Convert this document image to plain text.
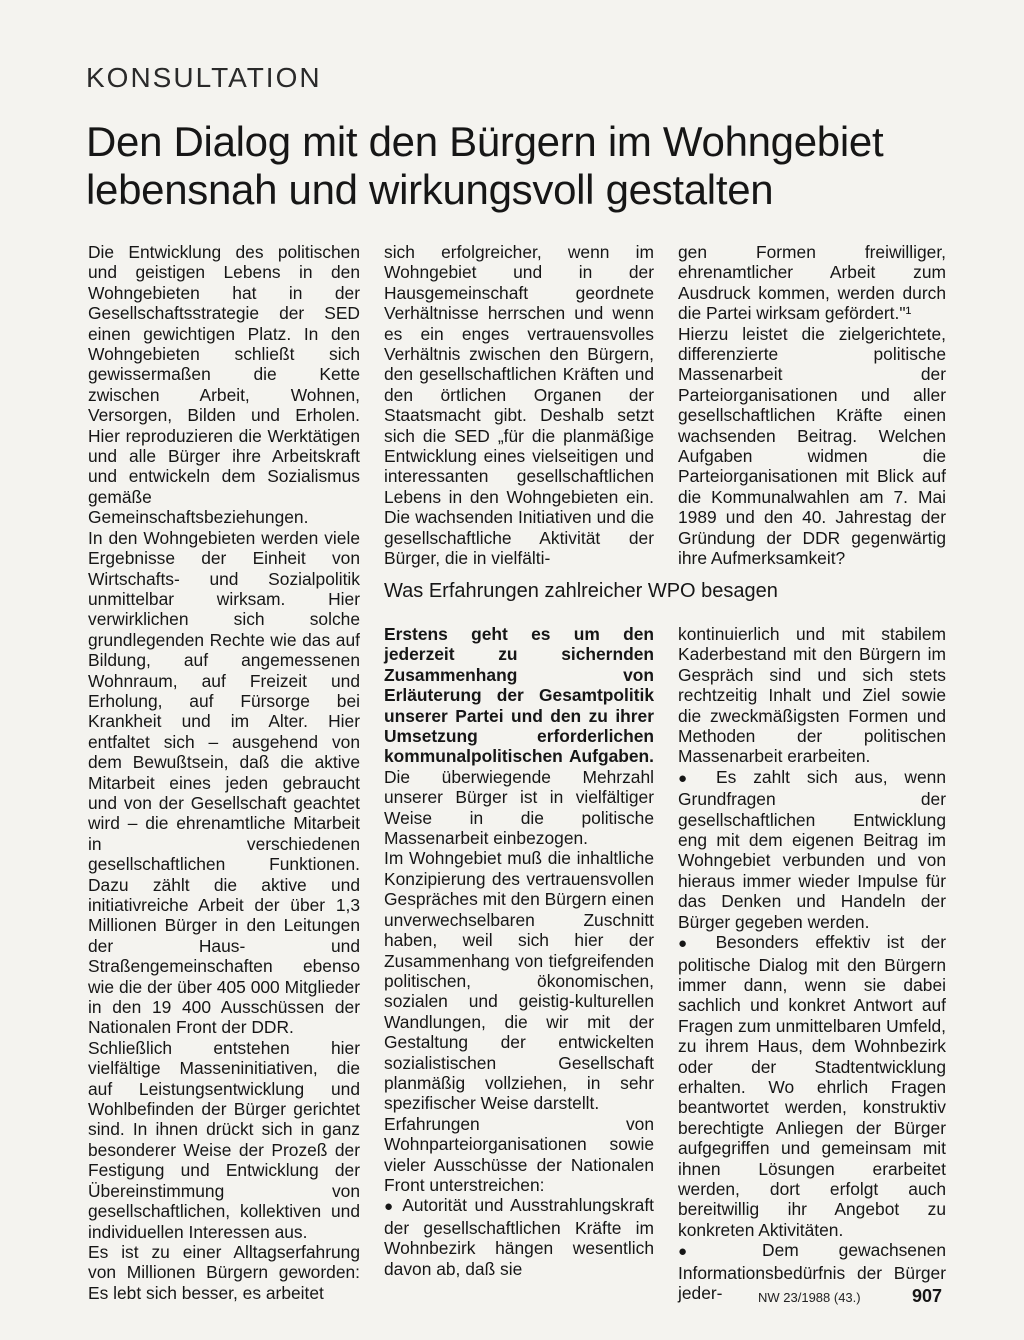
KONSULTATION
Den Dialog mit den Bürgern im Wohngebiet lebensnah und wirkungsvoll gestalten

Die Entwicklung des politischen und geistigen Lebens in den Wohngebieten hat in der Gesellschaftsstrategie der SED einen gewichtigen Platz. In den Wohngebieten schließt sich gewissermaßen die Kette zwischen Arbeit, Wohnen, Versorgen, Bilden und Erholen. Hier reproduzieren die Werktätigen und alle Bürger ihre Arbeitskraft und entwickeln dem Sozialismus gemäße Gemeinschaftsbeziehungen.

In den Wohngebieten werden viele Ergebnisse der Einheit von Wirtschafts- und Sozialpolitik unmittelbar wirksam. Hier verwirklichen sich solche grundlegenden Rechte wie das auf Bildung, auf angemessenen Wohnraum, auf Freizeit und Erholung, auf Fürsorge bei Krankheit und im Alter. Hier entfaltet sich – ausgehend von dem Bewußtsein, daß die aktive Mitarbeit eines jeden gebraucht und von der Gesellschaft geachtet wird – die ehrenamtliche Mitarbeit in verschiedenen gesellschaftlichen Funktionen. Dazu zählt die aktive und initiativreiche Arbeit der über 1,3 Millionen Bürger in den Leitungen der Haus- und Straßengemeinschaften ebenso wie die der über 405 000 Mitglieder in den 19 400 Ausschüssen der Nationalen Front der DDR.

Schließlich entstehen hier vielfältige Masseninitiativen, die auf Leistungsentwicklung und Wohlbefinden der Bürger gerichtet sind. In ihnen drückt sich in ganz besonderer Weise der Prozeß der Festigung und Entwicklung der Übereinstimmung von gesellschaftlichen, kollektiven und individuellen Interessen aus.

Es ist zu einer Alltagserfahrung von Millionen Bürgern geworden: Es lebt sich besser, es arbeitet

sich erfolgreicher, wenn im Wohngebiet und in der Hausgemeinschaft geordnete Verhältnisse herrschen und wenn es ein enges vertrauensvolles Verhältnis zwischen den Bürgern, den gesellschaftlichen Kräften und den örtlichen Organen der Staatsmacht gibt. Deshalb setzt sich die SED „für die planmäßige Entwicklung eines vielseitigen und interessanten gesellschaftlichen Lebens in den Wohngebieten ein. Die wachsenden Initiativen und die gesellschaftliche Aktivität der Bürger, die in vielfälti-

gen Formen freiwilliger, ehrenamtlicher Arbeit zum Ausdruck kommen, werden durch die Partei wirksam gefördert."¹

Hierzu leistet die zielgerichtete, differenzierte politische Massenarbeit der Parteiorganisationen und aller gesellschaftlichen Kräfte einen wachsenden Beitrag. Welchen Aufgaben widmen die Parteiorganisationen mit Blick auf die Kommunalwahlen am 7. Mai 1989 und den 40. Jahrestag der Gründung der DDR gegenwärtig ihre Aufmerksamkeit?

Was Erfahrungen zahlreicher WPO besagen

Erstens geht es um den jederzeit zu sichernden Zusammenhang von Erläuterung der Gesamtpolitik unserer Partei und den zu ihrer Umsetzung erforderlichen kommunalpolitischen Aufgaben. Die überwiegende Mehrzahl unserer Bürger ist in vielfältiger Weise in die politische Massenarbeit einbezogen.

Im Wohngebiet muß die inhaltliche Konzipierung des vertrauensvollen Gespräches mit den Bürgern einen unverwechselbaren Zuschnitt haben, weil sich hier der Zusammenhang von tiefgreifenden politischen, ökonomischen, sozialen und geistig-kulturellen Wandlungen, die wir mit der Gestaltung der entwickelten sozialistischen Gesellschaft planmäßig vollziehen, in sehr spezifischer Weise darstellt.

Erfahrungen von Wohnparteiorganisationen sowie vieler Ausschüsse der Nationalen Front unterstreichen:

● Autorität und Ausstrahlungskraft der gesellschaftlichen Kräfte im Wohnbezirk hängen wesentlich davon ab, daß sie

kontinuierlich und mit stabilem Kaderbestand mit den Bürgern im Gespräch sind und sich stets rechtzeitig Inhalt und Ziel sowie die zweckmäßigsten Formen und Methoden der politischen Massenarbeit erarbeiten.

● Es zahlt sich aus, wenn Grundfragen der gesellschaftlichen Entwicklung eng mit dem eigenen Beitrag im Wohngebiet verbunden und von hieraus immer wieder Impulse für das Denken und Handeln der Bürger gegeben werden.

● Besonders effektiv ist der politische Dialog mit den Bürgern immer dann, wenn sie dabei sachlich und konkret Antwort auf Fragen zum unmittelbaren Umfeld, zu ihrem Haus, dem Wohnbezirk oder der Stadtentwicklung erhalten. Wo ehrlich Fragen beantwortet werden, konstruktiv berechtigte Anliegen der Bürger aufgegriffen und gemeinsam mit ihnen Lösungen erarbeitet werden, dort erfolgt auch bereitwillig ihr Angebot zu konkreten Aktivitäten.

● Dem gewachsenen Informationsbedürfnis der Bürger jeder-	NW 23/1988 (43.)	907
